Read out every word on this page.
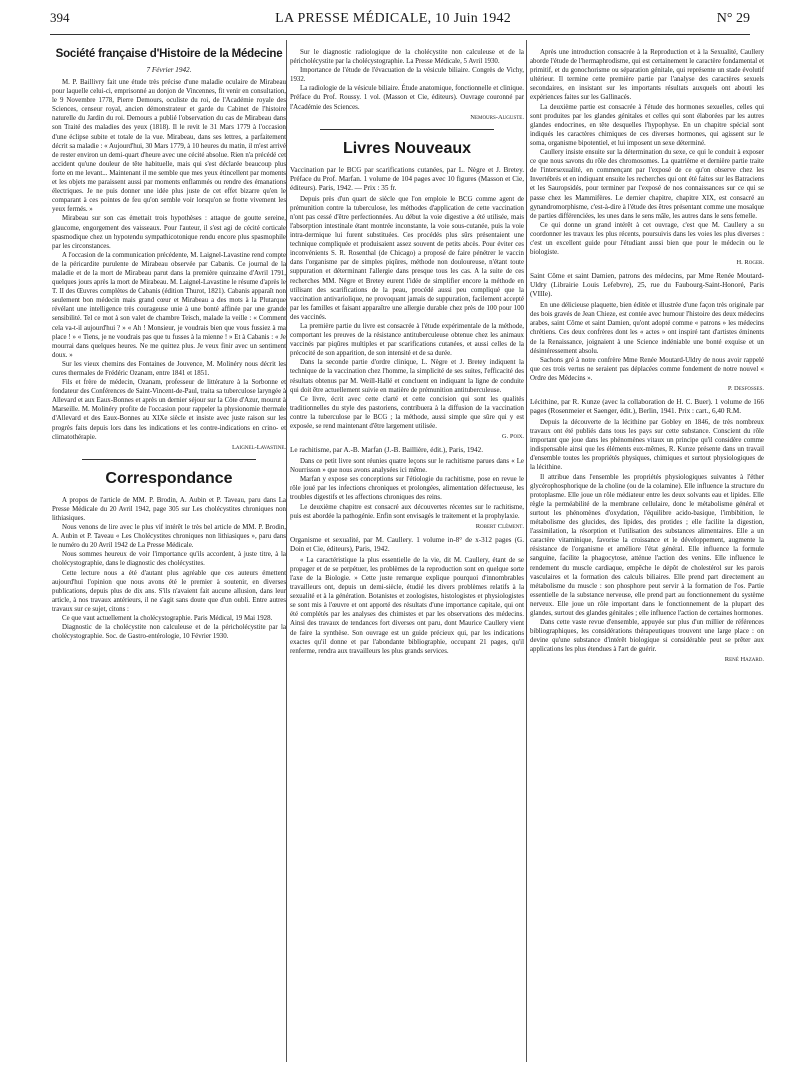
394	LA PRESSE MÉDICALE, 10 Juin 1942	N° 29
Société française d'Histoire de la Médecine
7 Février 1942.

M. P. Baillivry fait une étude très précise d'une maladie oculaire de Mirabeau pour laquelle celui-ci, emprisonné au donjon de Vincennes, fit venir en consultation, le 9 Novembre 1778, Pierre Demours, oculiste du roi, de l'Académie royale des Sciences, censeur royal, ancien démonstrateur et garde du Cabinet de l'histoire naturelle du Jardin du roi. Demours a publié l'observation du cas de Mirabeau dans son Traité des maladies des yeux (1818). Il le revit le 31 Mars 1779 à l'occasion d'une éclipse subite et totale de la vue. Mirabeau, dans ses lettres, a parfaitement décrit sa maladie : « Aujourd'hui, 30 Mars 1779, à 10 heures du matin, il m'est arrivé de rester environ un demi-quart d'heure avec une cécité absolue. Rien n'a précédé cet accident qu'une douleur de tête habituelle, mais qui s'est déclarée beaucoup plus forte en me levant... Maintenant il me semble que mes yeux étincellent par moments et les objets me paraissent aussi par moments enflammés ou rendre des émanations électriques. Je ne puis donner une idée plus juste de cet effet bizarre qu'en le comparant à ces pointes de feu qu'on semble voir lorsqu'on se frotte vivement les yeux fermés. »

Mirabeau sur son cas émettait trois hypothèses : attaque de goutte sereine, glaucome, engorgement des vaisseaux. Pour l'auteur, il s'est agi de cécité corticale spasmodique chez un hypotendu sympathicotonique rendu encore plus spasmophile par les circonstances.

A l'occasion de la communication précédente, M. Laignel-Lavastine rend compte de la péricardite purulente de Mirabeau observée par Cabanis. Ce journal de la maladie et de la mort de Mirabeau parut dans la première quinzaine d'Avril 1791, quelques jours après la mort de Mirabeau. M. Laignel-Lavastine le résume d'après le T. II des Œuvres complètes de Cabanis (édition Thurot, 1821). Cabanis apparaît non seulement bon médecin mais grand cœur et Mirabeau a des mots à la Plutarque révélant une intelligence très courageuse unie à une bonté affinée par une grande sensibilité. Tel ce mot à son valet de chambre Teisch, malade la veille : « Comment cela va-t-il aujourd'hui ? » « Ah ! Monsieur, je voudrais bien que vous fussiez à ma place ! » « Tiens, je ne voudrais pas que tu fusses à la mienne ! » Et à Cabanis : « Je mourrai dans quelques heures. Ne me quittez plus. Je veux finir avec un sentiment doux. »

Sur les vieux chemins des Fontaines de Jouvence, M. Molinéry nous décrit les cures thermales de Frédéric Ozanam, entre 1841 et 1851.

Fils et frère de médecin, Ozanam, professeur de littérature à la Sorbonne et fondateur des Conférences de Saint-Vincent-de-Paul, traita sa tuberculose laryngée à Allevard et aux Eaux-Bonnes et après un dernier séjour sur la Côte d'Azur, mourut à Marseille. M. Molinéry profite de l'occasion pour rappeler la physionomie thermale d'Allevard et des Eaux-Bonnes au XIXe siècle et insiste avec juste raison sur les progrès faits depuis lors dans les indications et les contre-indications en crino- et climatothérapie.

Laignel-Lavastine.
Correspondance

A propos de l'article de MM. P. Brodin, A. Aubin et P. Taveau, paru dans La Presse Médicale du 20 Avril 1942, page 305 sur Les cholécystites chroniques non lithiasiques.

Nous venons de lire avec le plus vif intérêt le très bel article de MM. P. Brodin, A. Aubin et P. Taveau « Les Cholécystites chroniques non lithiasiques », paru dans le numéro du 20 Avril 1942 de La Presse Médicale.

Nous sommes heureux de voir l'importance qu'ils accordent, à juste titre, à la cholécystographie, dans le diagnostic des cholécystites.

Cette lecture nous a été d'autant plus agréable que ces auteurs émettent aujourd'hui l'opinion que nous avons été le premier à soutenir, en diverses publications, depuis plus de dix ans. S'ils n'avaient fait aucune allusion, dans leur article, à nos travaux antérieurs, il ne s'agit sans doute que d'un oubli. Entre autres travaux sur ce sujet, citons :

Ce que vaut actuellement la cholécystographie. Paris Médical, 19 Mai 1928.

Diagnostic de la cholécystite non calculeuse et de la péricholécystite par la cholécystographie. Soc. de Gastro-entérologie, 10 Février 1930.

Sur le diagnostic radiologique de la cholécystite non calculeuse et de la péricholécystite par la cholécystographie. La Presse Médicale, 5 Avril 1930.

Importance de l'étude de l'évacuation de la vésicule biliaire. Congrès de Vichy, 1932.

La radiologie de la vésicule biliaire. Étude anatomique, fonctionnelle et clinique. Préface du Prof. Roussy. 1 vol. (Masson et Cie, éditeurs). Ouvrage couronné par l'Académie des Sciences.

Nemours-Auguste.
Livres Nouveaux
Vaccination par le BCG par scarifications cutanées, par L. Nègre et J. Bretey. Préface du Prof. Marfan. 1 volume de 104 pages avec 10 figures (Masson et Cie, éditeurs). Paris, 1942. — Prix : 35 fr.

Depuis près d'un quart de siècle que l'on emploie le BCG comme agent de prémunition contre la tuberculose, les méthodes d'application de cette vaccination n'ont pas cessé d'être perfectionnées. Au début la voie digestive a été utilisée, mais l'absorption intestinale étant montrée inconstante, la voie sous-cutanée, puis la voie intra-dermique lui furent substituées. Ces procédés plus sûrs présentaient une technique compliquée et produisaient assez souvent de petits abcès. Pour éviter ces inconvénients S. R. Rosenthal (de Chicago) a proposé de faire pénétrer le vaccin dans l'organisme par de simples piqûres, méthode non douloureuse, n'étant toute suppuration et déterminant l'allergie dans presque tous les cas. A la suite de ces recherches MM. Nègre et Bretey eurent l'idée de simplifier encore la méthode en utilisant des scarifications de la peau, procédé aussi peu compliqué que la vaccination antivariolique, ne provoquant jamais de suppuration, facilement accepté par les familles et faisant apparaître une allergie durable chez près de 100 pour 100 des vaccinés.

La première partie du livre est consacrée à l'étude expérimentale de la méthode, comportant les preuves de la résistance antituberculeuse obtenue chez les animaux vaccinés par piqûres multiples et par scarifications cutanées, et aussi celles de la précocité de son apparition, de son intensité et de sa durée.

Dans la seconde partie d'ordre clinique, L. Nègre et J. Bretey indiquent la technique de la vaccination chez l'homme, la simplicité de ses suites, l'efficacité des résultats obtenus par M. Weill-Hallé et concluent en indiquant la ligne de conduite qui doit être actuellement suivie en matière de prémunition antituberculeuse.

Ce livre, écrit avec cette clarté et cette concision qui sont les qualités traditionnelles du style des pastoriens, contribuera à la diffusion de la vaccination contre la tuberculose par le BCG ; la méthode, aussi simple que sûre qui y est exposée, se rend maintenant d'être largement utilisée.

G. Poix.
Le rachitisme, par A.-B. Marfan (J.-B. Baillière, édit.), Paris, 1942.

Dans ce petit livre sont réunies quatre leçons sur le rachitisme parues dans « Le Nourrisson » que nous avons analysées ici même.

Marfan y expose ses conceptions sur l'étiologie du rachitisme, pose en revue le rôle joué par les infections chroniques et prolongées, alimentation défectueuse, les troubles digestifs et les affections chroniques des reins.

Le deuxième chapitre est consacré aux découvertes récentes sur le rachitisme, puis est abordée la pathogénie. Enfin sont envisagés le traitement et la prophylaxie.

Robert Clément.
Organisme et sexualité, par M. Caullery. 1 volume in-8° de x-312 pages (G. Doin et Cie, éditeurs), Paris, 1942.

« La caractéristique la plus essentielle de la vie, dit M. Caullery, étant de se propager et de se perpétuer, les problèmes de la reproduction sont en quelque sorte l'axe de la Biologie. » Cette juste remarque explique pourquoi d'innombrables travailleurs ont, depuis un demi-siècle, étudié les divers problèmes relatifs à la sexualité et à la génération. Botanistes et zoologistes, histologistes et physiologistes se sont mis à l'œuvre et ont apporté des résultats d'une importance capitale, qui ont été complétés par les analyses des chimistes et par les observations des médecins. Ainsi des travaux de tendances fort diverses ont paru, dont Maurice Caullery vient de faire la synthèse. Son ouvrage est un guide précieux qui, par les indications exactes qu'il donne et par l'abondante bibliographie, occupant 21 pages, qu'il renferme, rendra aux travailleurs les plus grands services.

Après une introduction consacrée à la Reproduction et à la Sexualité, Caullery aborde l'étude de l'hermaphrodisme, qui est certainement le caractère fondamental et primitif, et du gonochorisme ou séparation génitale, qui représente un stade évolutif ultérieur. Il termine cette première partie par l'analyse des caractères sexuels secondaires, en insistant sur les importants résultats auxquels ont abouti les expériences faites sur les Gallinacés.

La deuxième partie est consacrée à l'étude des hormones sexuelles, celles qui sont produites par les glandes génitales et celles qui sont élaborées par les autres glandes endocrines, en tête desquelles l'hypophyse. En un chapitre spécial sont indiqués les caractères chimiques de ces diverses hormones, qui agissent sur le soma, organisme bipotentiel, et lui imposent un sexe déterminé.

Caullery insiste ensuite sur la détermination du sexe, ce qui le conduit à exposer ce que nous savons du rôle des chromosomes. La quatrième et dernière partie traite de l'intersexualité, en commençant par l'exposé de ce qu'on observe chez les Invertébrés et en indiquant ensuite les recherches qui ont été faites sur les Batraciens et les Sauropsidés, pour terminer par l'exposé de nos connaissances sur ce qui se passe chez les Mammifères. Le dernier chapitre, chapitre XIX, est consacré au gynandromorphisme, c'est-à-dire à l'étude des êtres présentant comme une mosaïque de parties différenciées, les unes dans le sens mâle, les autres dans le sens femelle.

Ce qui donne un grand intérêt à cet ouvrage, c'est que M. Caullery a su coordonner les travaux les plus récents, poursuivis dans les voies les plus diverses : c'est un excellent guide pour l'étudiant aussi bien que pour le médecin ou le biologiste.

H. Roger.
Saint Côme et saint Damien, patrons des médecins, par Mme Renée Moutard-Uldry (Librairie Louis Lefebvre), 25, rue du Faubourg-Saint-Honoré, Paris (VIIIe).

En une délicieuse plaquette, bien éditée et illustrée d'une façon très originale par des bois gravés de Jean Chieze, est contée avec humour l'histoire des deux médecins arabes, saint Côme et saint Damien, qu'ont adopté comme « patrons » les médecins chrétiens. Ces deux confrères dont les « actes » ont inspiré tant d'artistes éminents de la Renaissance, joignaient à une Science indéniable une bonté exquise et un désintéressement absolu.

Sachons gré à notre confrère Mme Renée Moutard-Uldry de nous avoir rappelé que ces trois vertus ne seraient pas déplacées comme fondement de notre nouvel « Ordre des Médecins ».

P. Desfosses.
Lécithine, par R. Kunze (avec la collaboration de H. C. Buer). 1 volume de 166 pages (Rosenmeier et Saenger, édit.), Berlin, 1941. Prix : cart., 6,40 R.M.

Depuis la découverte de la lécithine par Gobley en 1846, de très nombreux travaux ont été publiés dans tous les pays sur cette substance. Conscient du rôle important que joue dans les phénomènes vitaux un principe qu'il considère comme indispensable ainsi que les éléments eux-mêmes, R. Kunze présente dans un travail d'ensemble toutes les propriétés physiques, chimiques et surtout physiologiques de la lécithine.

Il attribue dans l'ensemble les propriétés physiologiques suivantes à l'éther glycérophosphorique de la choline (ou de la colamine). Elle influence la structure du protoplasme. Elle joue un rôle médiateur entre les deux solvants eau et lipides. Elle règle la perméabilité de la membrane cellulaire, donc le métabolisme général et surtout les phénomènes d'oxydation, l'équilibre acido-basique, l'imbibition, le métabolisme des glucides, des lipides, des protides ; elle facilite la digestion, l'assimilation, la résorption et l'utilisation des substances alimentaires. Elle a un caractère vitaminique, favorise la croissance et le développement, augmente la résistance de l'organisme et améliore l'état général. Elle influence la formule sanguine, facilite la phagocytose, atténue l'action des venins. Elle influence le rendement du muscle cardiaque, empêche le dépôt de cholestérol sur les parois vasculaires et la formation des calculs biliaires. Elle prend part directement au métabolisme du muscle : son phosphore peut servir à la formation de l'os. Partie essentielle de la substance nerveuse, elle prend part au fonctionnement du système nerveux. Elle joue un rôle important dans le fonctionnement de la plupart des glandes, surtout des glandes génitales ; elle influence l'action de certaines hormones.

Dans cette vaste revue d'ensemble, appuyée sur plus d'un millier de références bibliographiques, les considérations thérapeutiques trouvent une large place : on devine qu'une substance d'intérêt biologique si considérable peut se prêter aux applications les plus étendues à l'art de guérir.

René Hazard.
